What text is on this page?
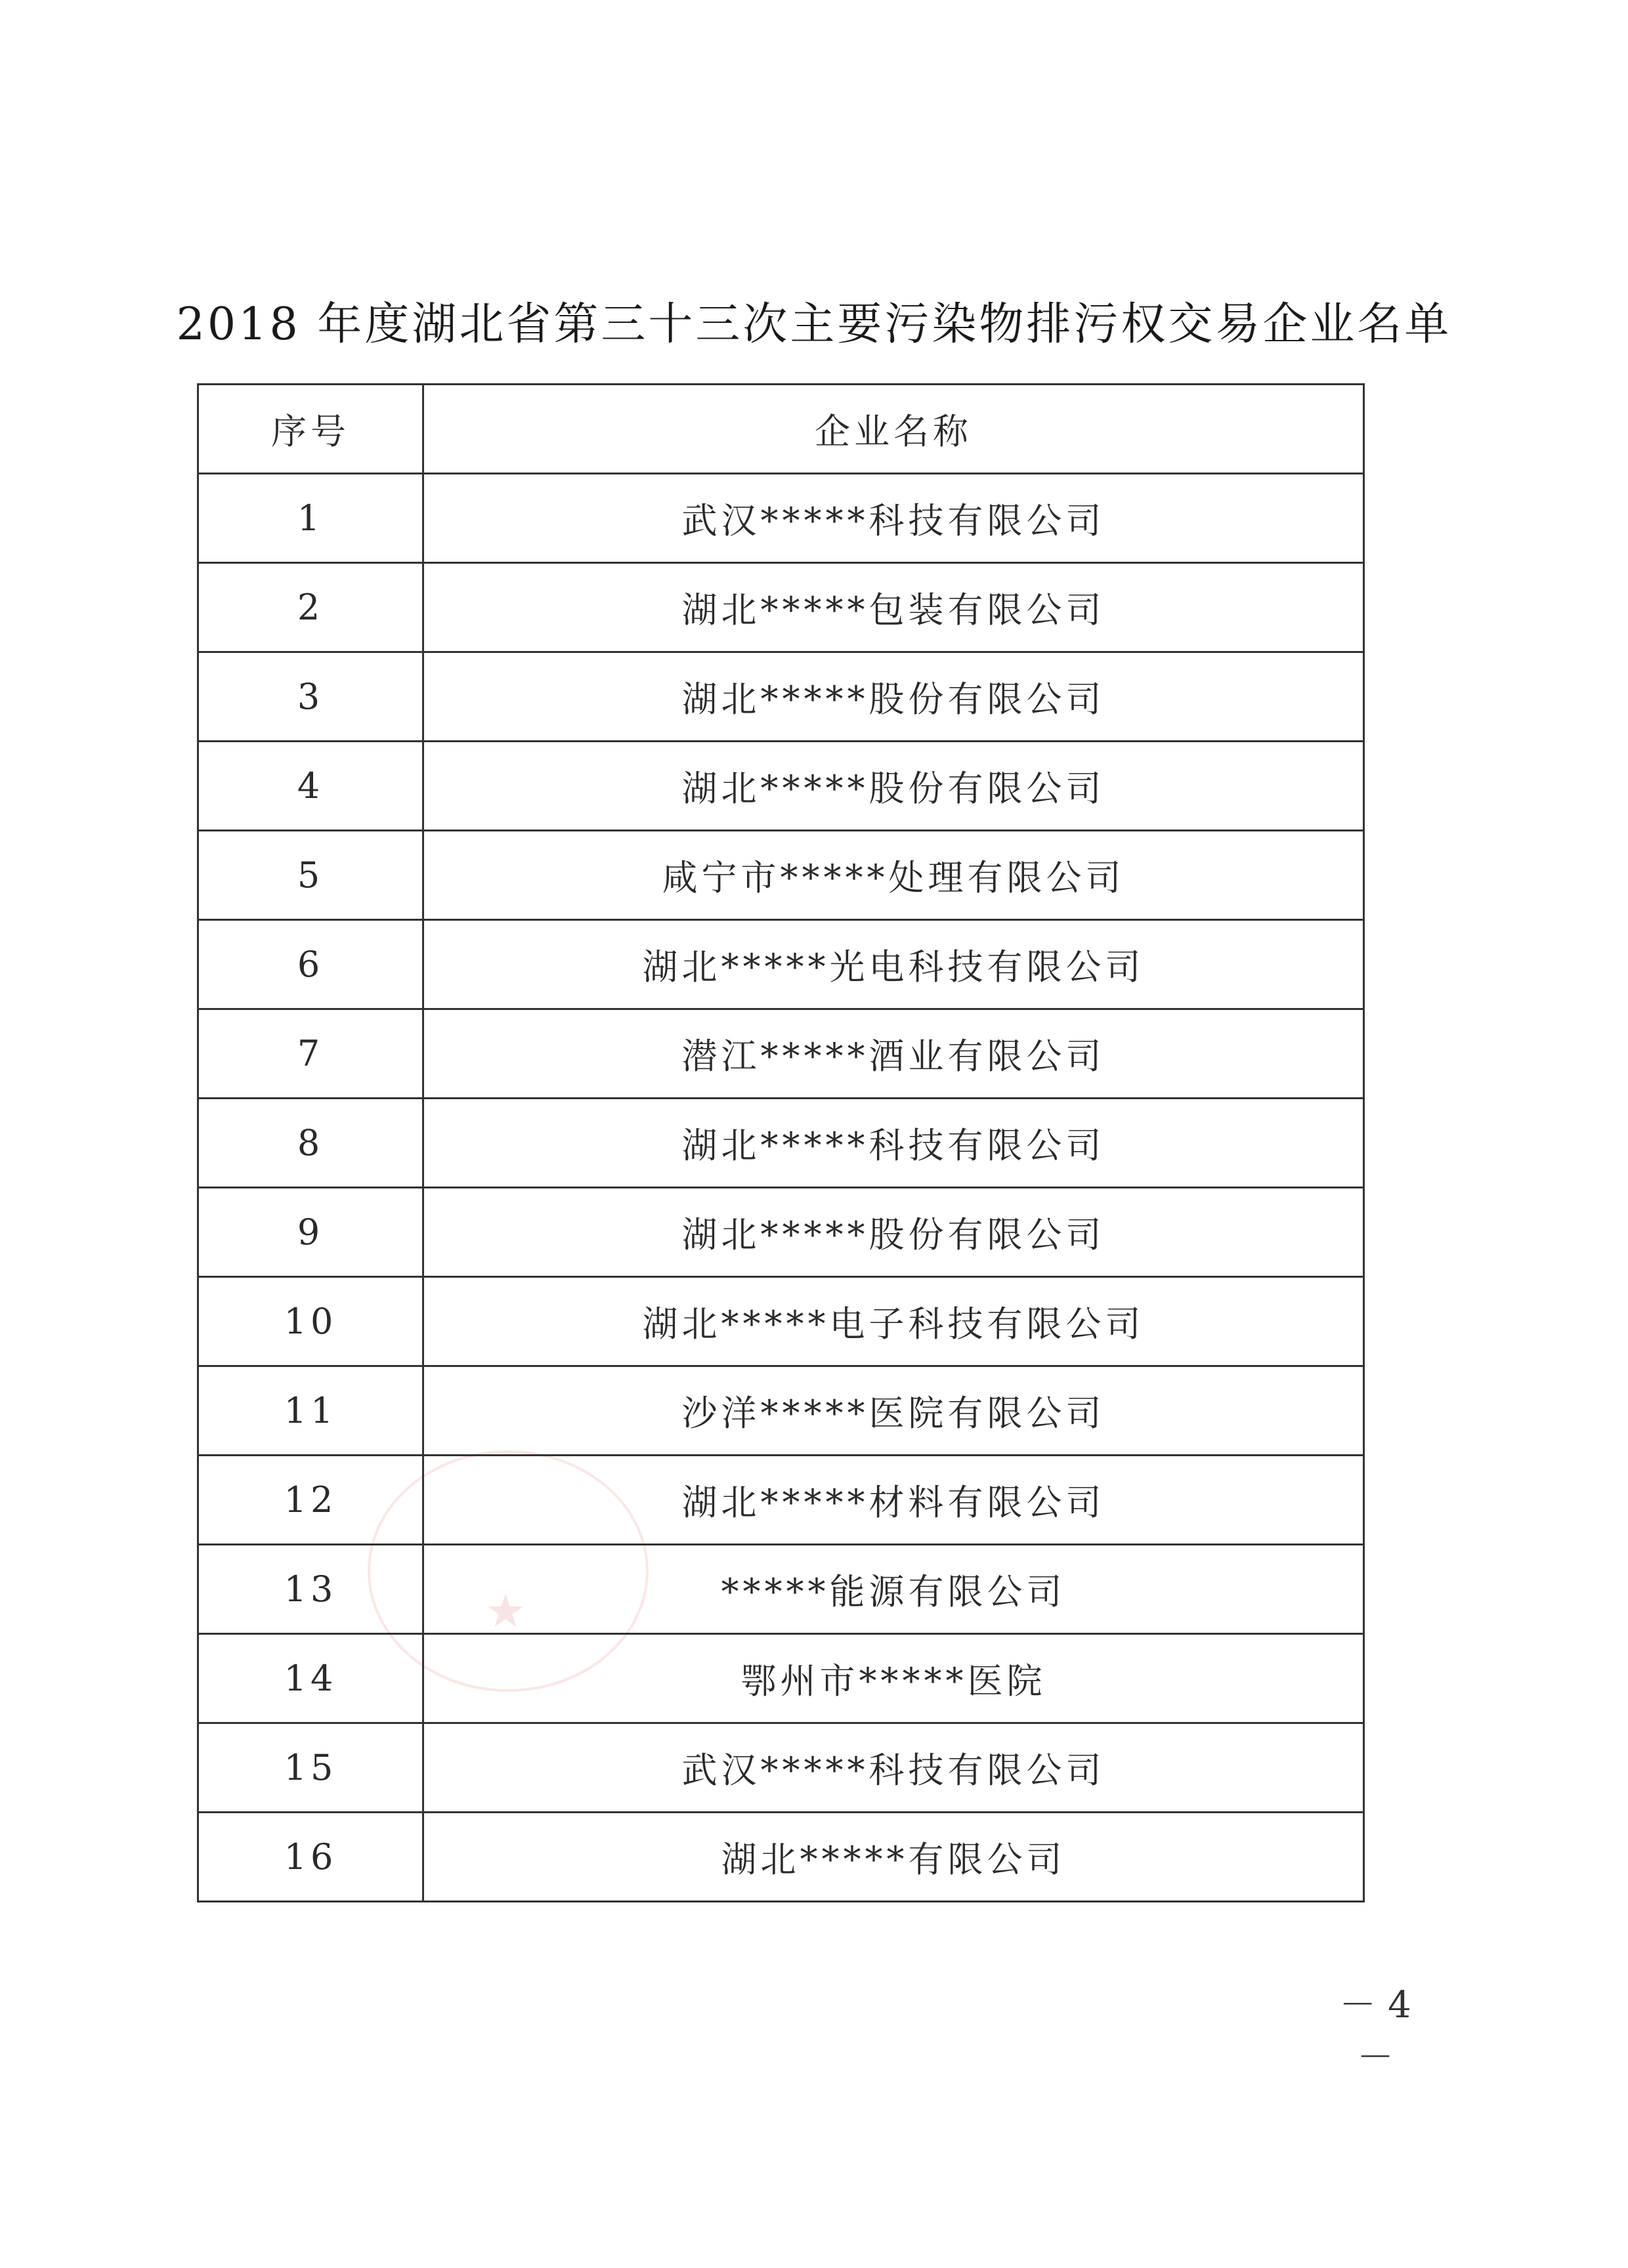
★
2018 年度湖北省第三十三次主要污染物排污权交易企业名单
序号	企业名称
1	武汉*****科技有限公司
2	湖北*****包装有限公司
3	湖北*****股份有限公司
4	湖北*****股份有限公司
5	咸宁市*****处理有限公司
6	湖北*****光电科技有限公司
7	潜江*****酒业有限公司
8	湖北*****科技有限公司
9	湖北*****股份有限公司
10	湖北*****电子科技有限公司
11	沙洋*****医院有限公司
12	湖北*****材料有限公司
13	*****能源有限公司
14	鄂州市*****医院
15	武汉*****科技有限公司
16	湖北*****有限公司
－ 4 －
